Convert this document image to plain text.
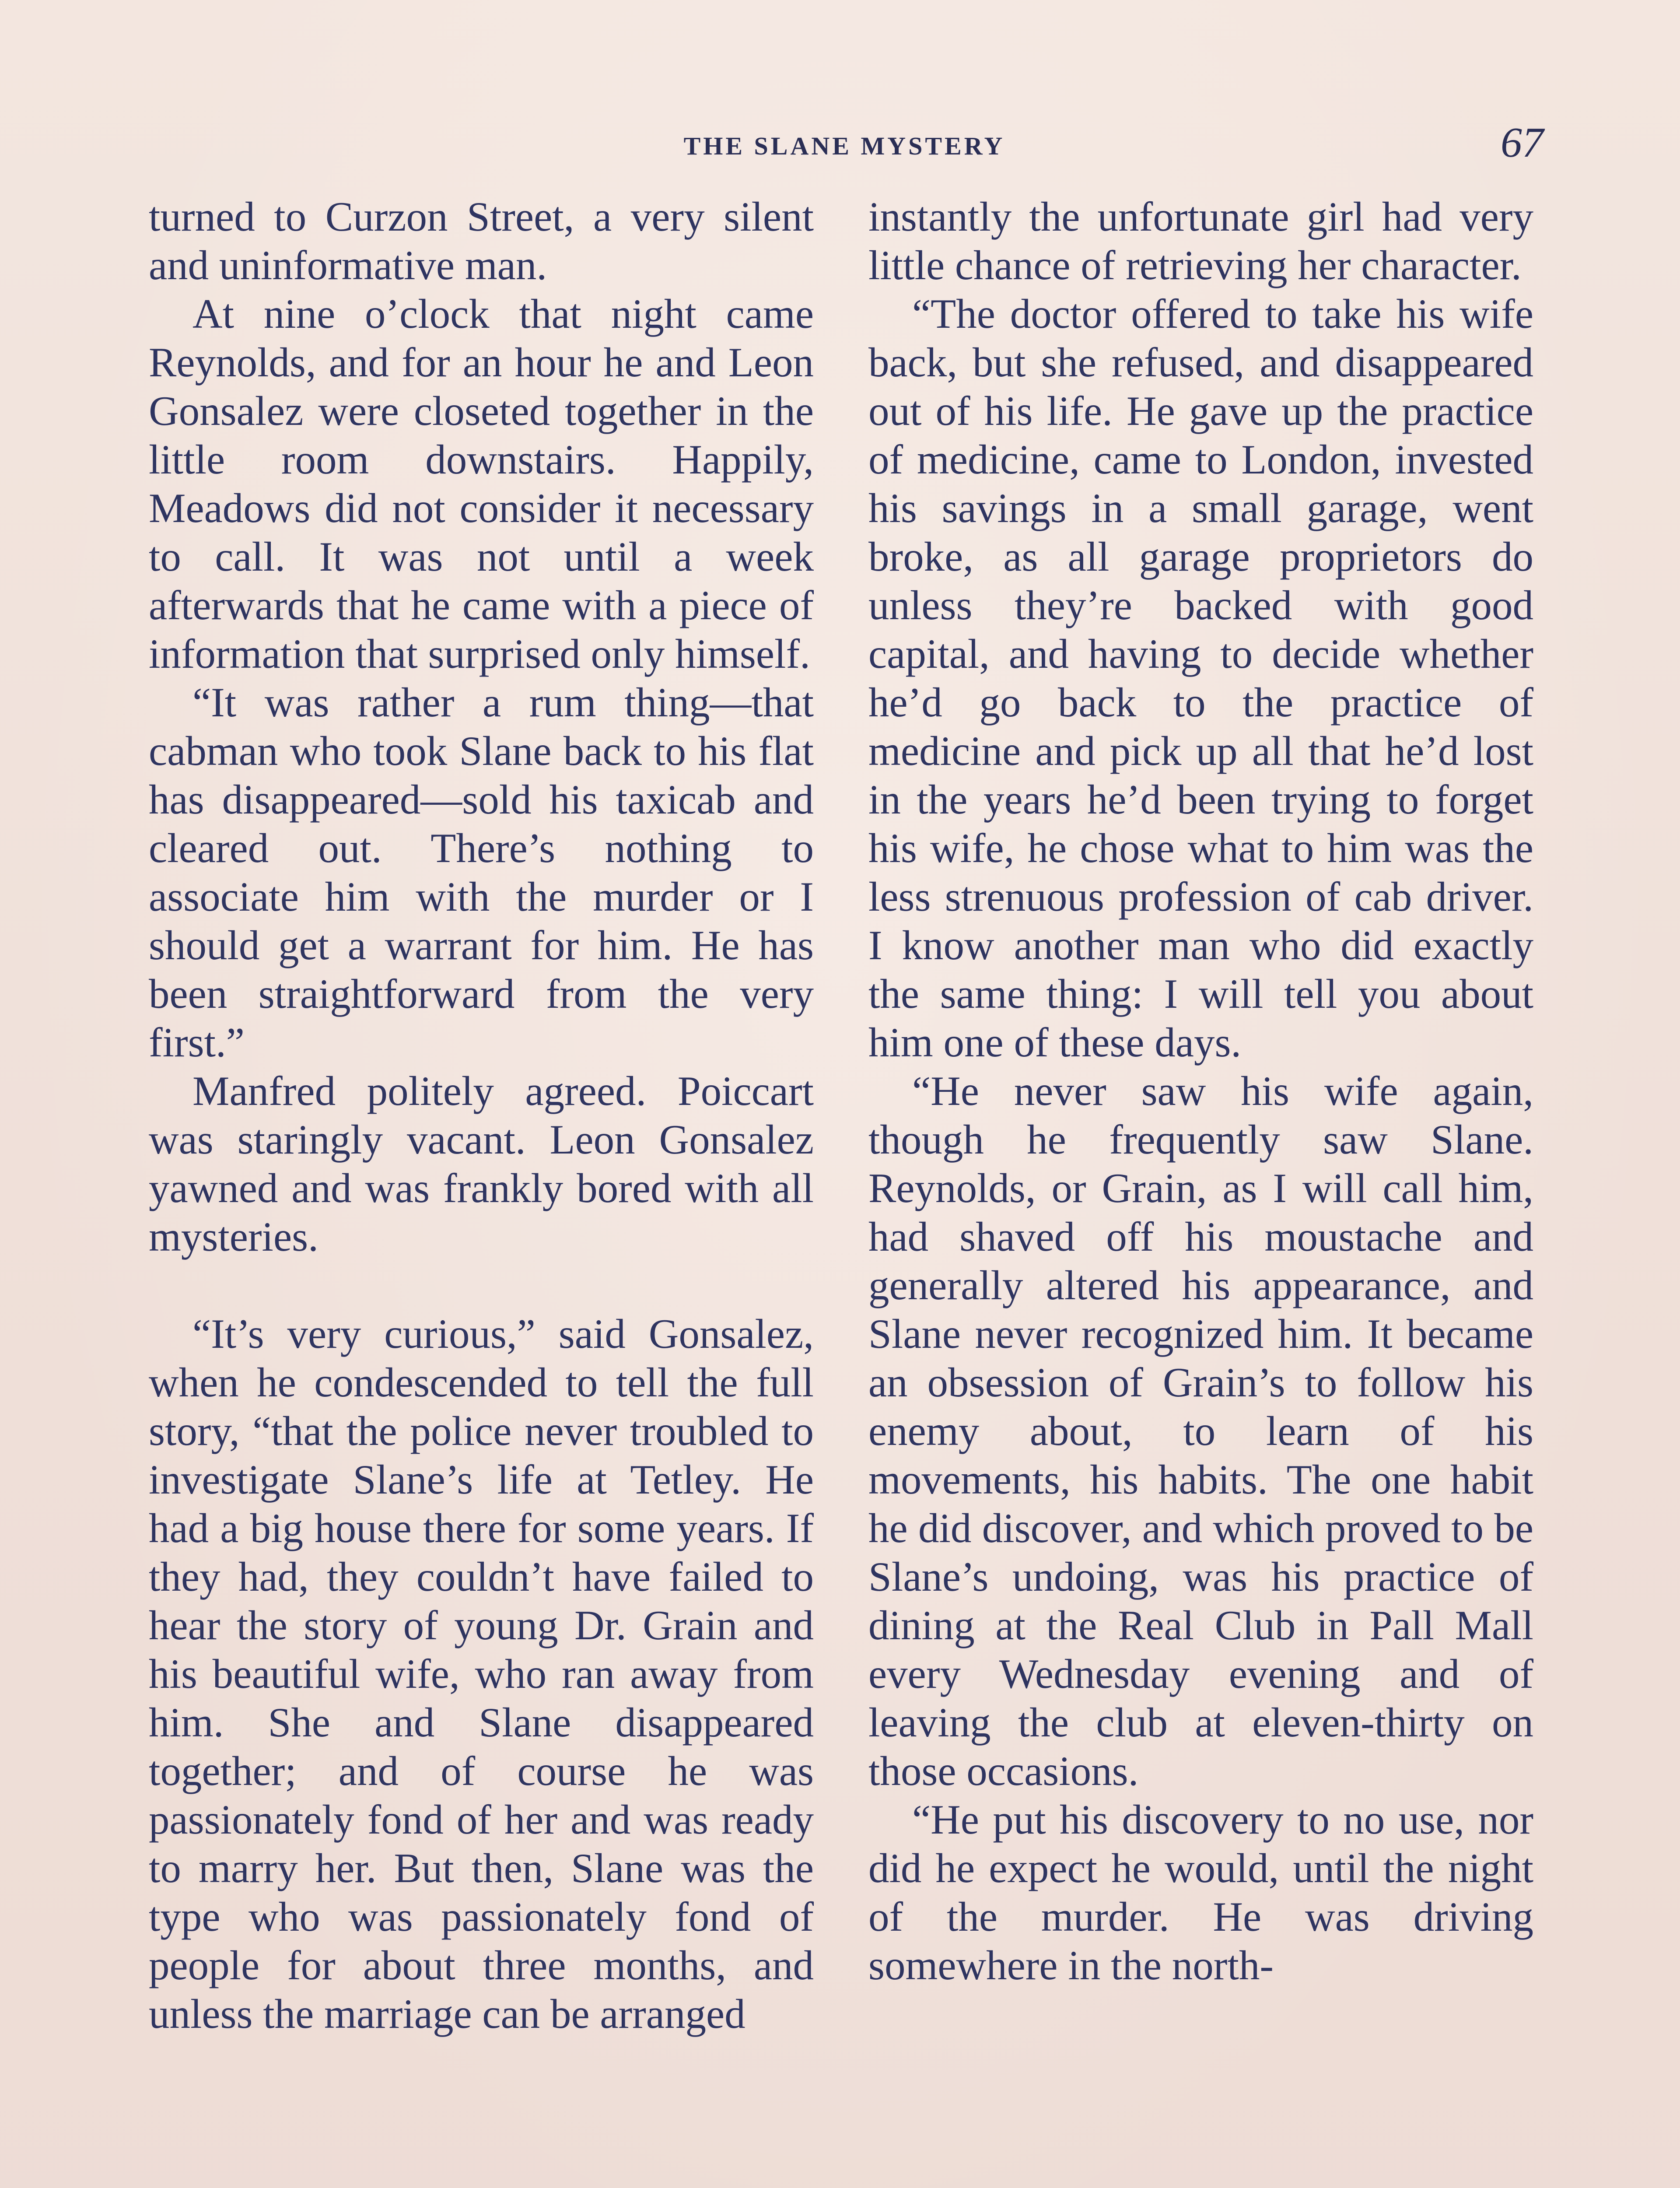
THE SLANE MYSTERY	67

turned to Curzon Street, a very silent and uninformative man.

At nine o’clock that night came Reynolds, and for an hour he and Leon Gonsalez were closeted together in the little room downstairs. Happily, Meadows did not consider it necessary to call. It was not until a week afterwards that he came with a piece of information that surprised only himself.

“It was rather a rum thing—that cabman who took Slane back to his flat has disappeared—sold his taxicab and cleared out. There’s nothing to associate him with the murder or I should get a warrant for him. He has been straightforward from the very first.”

Manfred politely agreed. Poiccart was staringly vacant. Leon Gonsalez yawned and was frankly bored with all mysteries.

“It’s very curious,” said Gonsalez, when he condescended to tell the full story, “that the police never troubled to investigate Slane’s life at Tetley. He had a big house there for some years. If they had, they couldn’t have failed to hear the story of young Dr. Grain and his beautiful wife, who ran away from him. She and Slane disappeared together; and of course he was passionately fond of her and was ready to marry her. But then, Slane was the type who was passionately fond of people for about three months, and unless the marriage can be arranged

instantly the unfortunate girl had very little chance of retrieving her character.

“The doctor offered to take his wife back, but she refused, and disappeared out of his life. He gave up the practice of medicine, came to London, invested his savings in a small garage, went broke, as all garage proprietors do unless they’re backed with good capital, and having to decide whether he’d go back to the practice of medicine and pick up all that he’d lost in the years he’d been trying to forget his wife, he chose what to him was the less strenuous profession of cab driver. I know another man who did exactly the same thing: I will tell you about him one of these days.

“He never saw his wife again, though he frequently saw Slane. Reynolds, or Grain, as I will call him, had shaved off his moustache and generally altered his appearance, and Slane never recognized him. It became an obsession of Grain’s to follow his enemy about, to learn of his movements, his habits. The one habit he did discover, and which proved to be Slane’s undoing, was his practice of dining at the Real Club in Pall Mall every Wednesday evening and of leaving the club at eleven-thirty on those occasions.

“He put his discovery to no use, nor did he expect he would, until the night of the murder. He was driving somewhere in the north-
